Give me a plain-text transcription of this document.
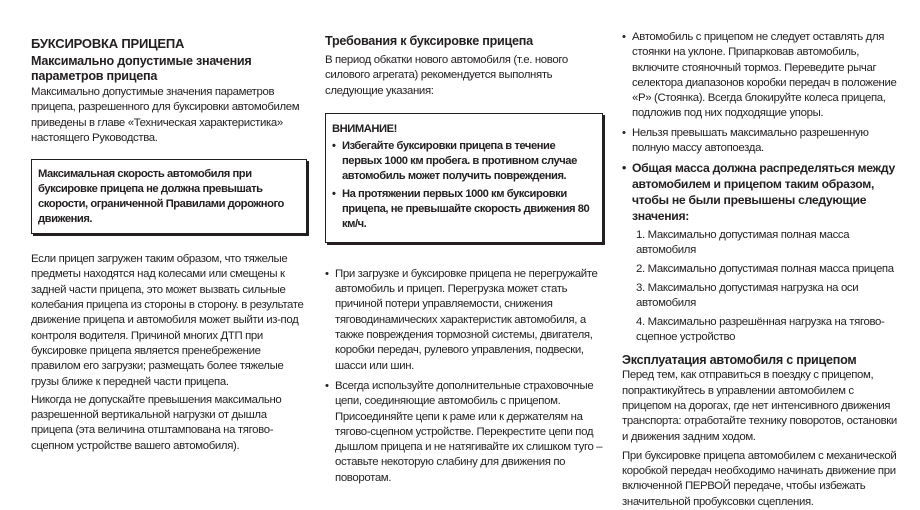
БУКСИРОВКА ПРИЦЕПА
Максимально допустимые значения параметров прицепа

Максимально допустимые значения параметров прицепа, разрешенного для буксировки автомобилем приведены в главе «Техническая характеристика» настоящего Руководства.

Максимальная скорость автомобиля при буксировке прицепа не должна превышать скорости, ограниченной Правилами дорожного движения.

Если прицеп загружен таким образом, что тяжелые предметы находятся над колесами или смещены к задней части прицепа, это может вызвать сильные колебания прицепа из стороны в сторону. в результате движение прицепа и автомобиля может выйти из-под контроля водителя. Причиной многих ДТП при буксировке прицепа является пренебрежение правилом его загрузки; размещать более тяжелые грузы ближе к передней части прицепа.

Никогда не допускайте превышения максимально разрешенной вертикальной нагрузки от дышла прицепа (эта величина отштампована на тягово-сцепном устройстве вашего автомобиля).

Требования к буксировке прицепа

В период обкатки нового автомобиля (т.е. нового силового агрегата) рекомендуется выполнять следующие указания:

ВНИМАНИЕ!
• Избегайте буксировки прицепа в течение первых 1000 км пробега. в противном случае автомобиль может получить повреждения.
• На протяжении первых 1000 км буксировки прицепа, не превышайте скорость движения 80 км/ч.
• При загрузке и буксировке прицепа не перегружайте автомобиль и прицеп. Перегрузка может стать причиной потери управляемости, снижения тяговодинамических характеристик автомобиля, а также повреждения тормозной системы, двигателя, коробки передач, рулевого управления, подвески, шасси или шин.
• Всегда используйте дополнительные страховочные цепи, соединяющие автомобиль с прицепом. Присоединяйте цепи к раме или к держателям на тягово-сцепном устройстве. Перекрестите цепи под дышлом прицепа и не натягивайте их слишком туго – оставьте некоторую слабину для движения по поворотам.
• Автомобиль с прицепом не следует оставлять для стоянки на уклоне. Припарковав автомобиль, включите стояночный тормоз. Переведите рычаг селектора диапазонов коробки передач в положение «P» (Стоянка). Всегда блокируйте колеса прицепа, подложив под них подходящие упоры.
• Нельзя превышать максимально разрешенную полную массу автопоезда.
• Общая масса должна распределяться между автомобилем и прицепом таким образом, чтобы не были превышены следующие значения:
1. Максимально допустимая полная масса автомобиля
2. Максимально допустимая полная масса прицепа
3. Максимально допустимая нагрузка на оси автомобиля
4. Максимально разрешённая нагрузка на тягово-сцепное устройство
Эксплуатация автомобиля с прицепом

Перед тем, как отправиться в поездку с прицепом, попрактикуйтесь в управлении автомобилем с прицепом на дорогах, где нет интенсивного движения транспорта: отработайте технику поворотов, остановки и движения задним ходом.

При буксировке прицепа автомобилем с механической коробкой передач необходимо начинать движение при включенной ПЕРВОЙ передаче, чтобы избежать значительной пробуксовки сцепления.
